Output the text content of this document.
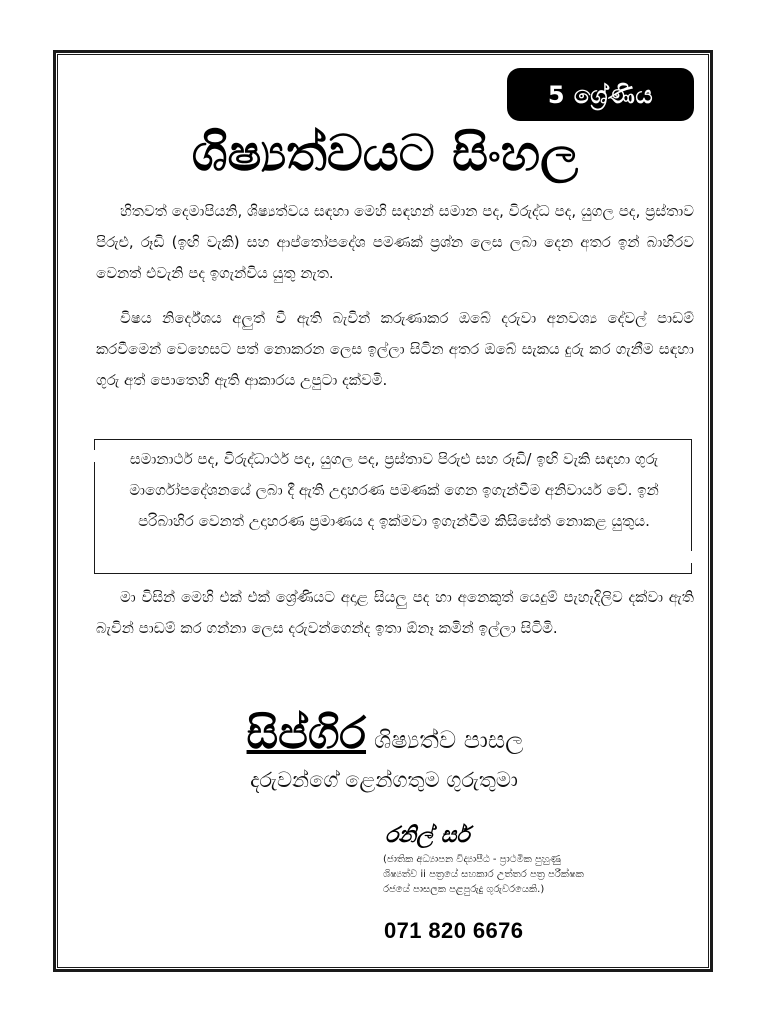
5 ශ්‍රේණිය
ශිෂ්‍යත්වයට සිංහල
හිතවත් දෙමාපියනි, ශිෂ්‍යත්වය සඳහා මෙහි සඳහන් සමාන පද, විරුද්ධ පද, යුගල පද, ප්‍රස්තාව පිරුළු, රූඩි (ඉඟි වැකි) සහ ආප්තෝපදේශ පමණක් ප්‍රශ්න ලෙස ලබා දෙන අතර ඉන් බාහිරව වෙනත් එවැනි පද ඉගැන්විය යුතු නැත.
විෂය නිර්දේශය අලුත් වී ඇති බැවින් කරුණාකර ඔබේ දරුවා අනවශ්‍ය දේවල් පාඩම් කරවීමෙන් වෙහෙසට පත් නොකරන ලෙස ඉල්ලා සිටින අතර ඔබේ සැකය දුරු කර ගැනීම සඳහා ගුරු අත් පොතෙහි ඇති ආකාරය උපුටා දක්වමි.
සමානාර්ථ පද, විරුද්ධාර්ථ පද, යුගල පද, ප්‍රස්තාව පිරුළු සහ රූඩි/ ඉඟි වැකි සඳහා ගුරු මාර්ගෝපදේශනයේ ලබා දී ඇති උදාහරණ පමණක් ගෙන ඉගැන්වීම අනිවාර්ය වේ. ඉන් පරිබාහිර වෙනත් උදාහරණ ප්‍රමාණය ද ඉක්මවා ඉගැන්වීම කිසිසේත් නොකළ යුතුය.
මා විසින් මෙහි එක් එක් ශ්‍රේණියට අදාළ සියලු පද හා අනෙකුත් යෙදුම් පැහැදිලිව දක්වා ඇති බැවින් පාඩම් කර ගන්නා ලෙස දරුවන්ගෙන්ද ඉතා ඕනෑ කමින් ඉල්ලා සිටිමි.
සිප්ගිර ශිෂ්‍යත්ව පාසල
දරුවන්ගේ ළෙන්ගතුම ගුරුතුමා
රනිල් සර්
(ජාතික අධ්‍යාපන විද්‍යාපීඨ - ප්‍රාථමික පුහුණු
ශිෂ්‍යත්ව ii පත්‍රයේ සහකාර උත්තර පත්‍ර පරීක්ෂක
රජයේ පාසලක පළපුරුදු ගුරුවරයෙකි.)
071 820 6676
